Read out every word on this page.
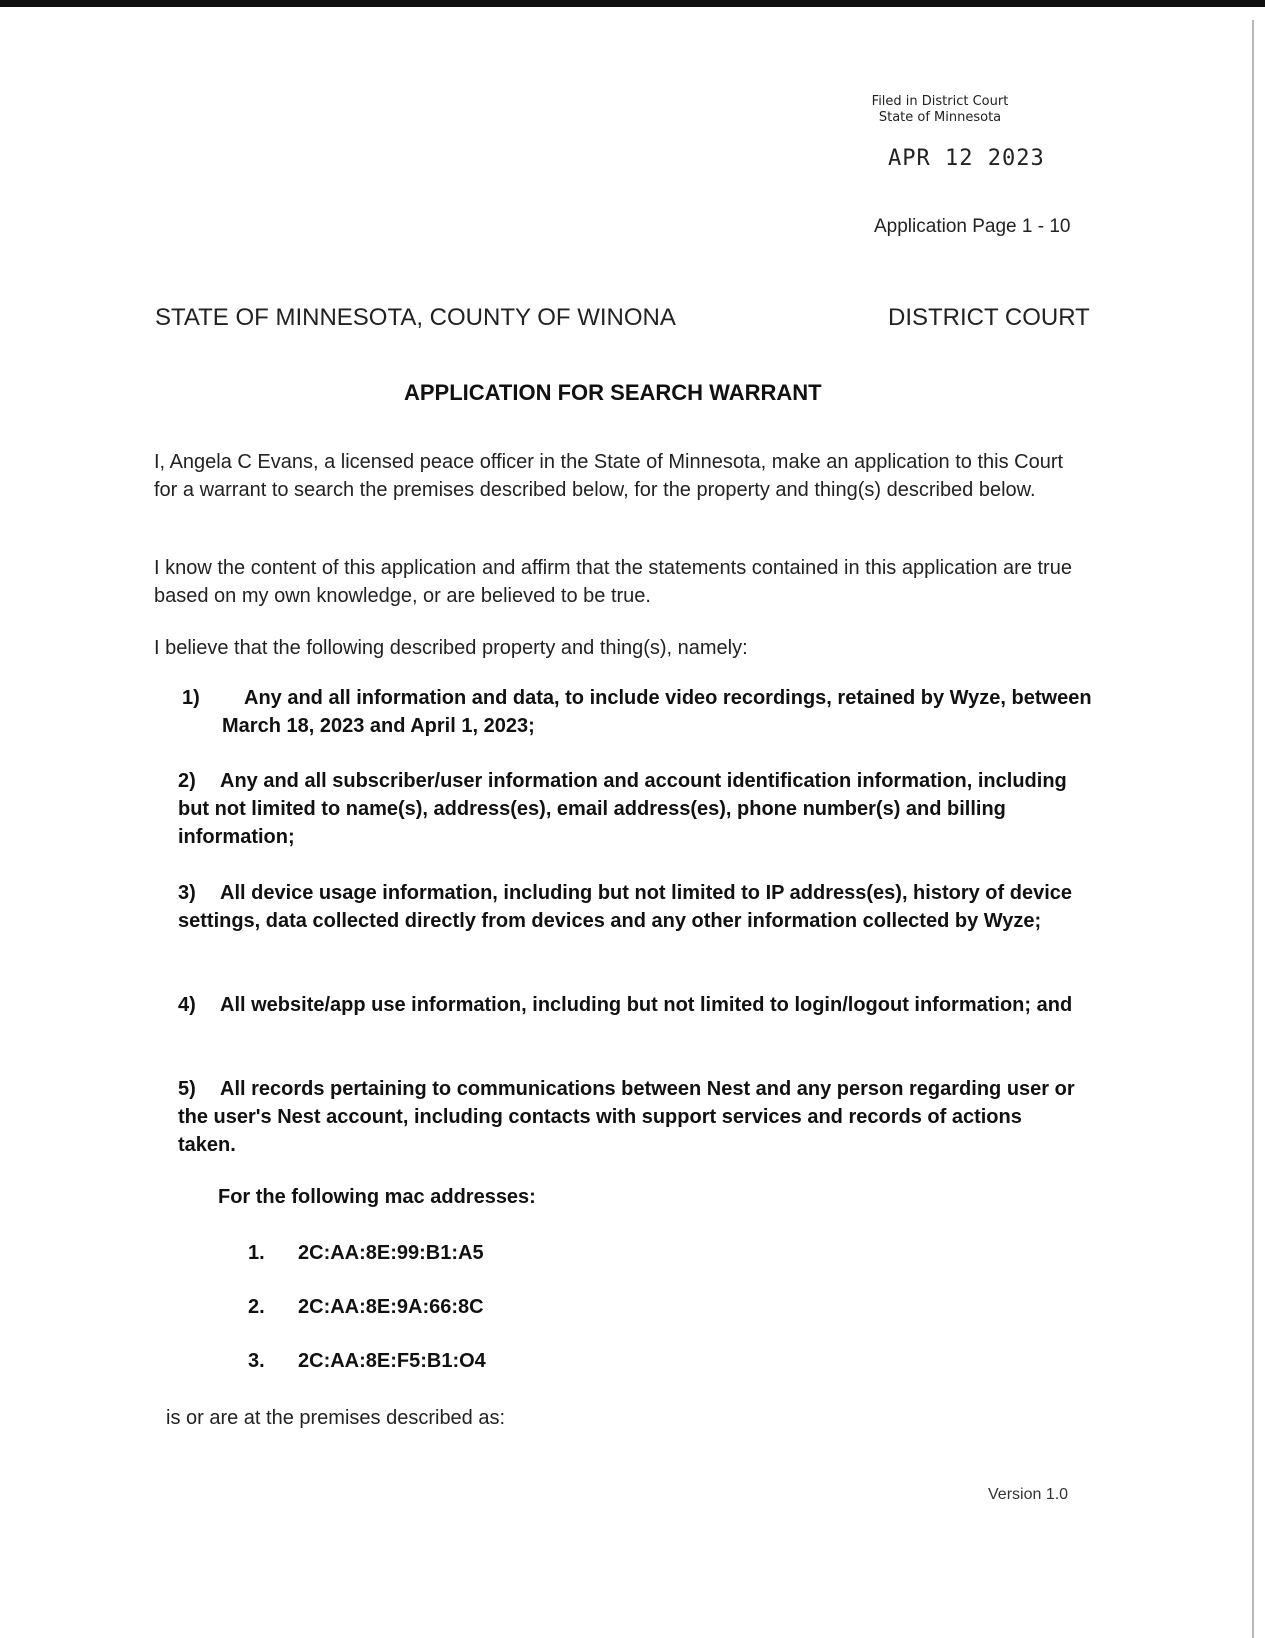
Filed in District Court
State of Minnesota
APR 12 2023
Application Page 1 - 10
STATE OF MINNESOTA, COUNTY OF WINONA	DISTRICT COURT
APPLICATION FOR SEARCH WARRANT
I, Angela C Evans, a licensed peace officer in the State of Minnesota, make an application to this Court for a warrant to search the premises described below, for the property and thing(s) described below.
I know the content of this application and affirm that the statements contained in this application are true based on my own knowledge, or are believed to be true.
I believe that the following described property and thing(s), namely:
1) Any and all information and data, to include video recordings, retained by Wyze, between March 18, 2023 and April 1, 2023;
2) Any and all subscriber/user information and account identification information, including but not limited to name(s), address(es), email address(es), phone number(s) and billing information;
3) All device usage information, including but not limited to IP address(es), history of device settings, data collected directly from devices and any other information collected by Wyze;
4) All website/app use information, including but not limited to login/logout information; and
5) All records pertaining to communications between Nest and any person regarding user or the user's Nest account, including contacts with support services and records of actions taken.
For the following mac addresses:
1. 2C:AA:8E:99:B1:A5
2. 2C:AA:8E:9A:66:8C
3. 2C:AA:8E:F5:B1:O4
is or are at the premises described as:
Version 1.0
